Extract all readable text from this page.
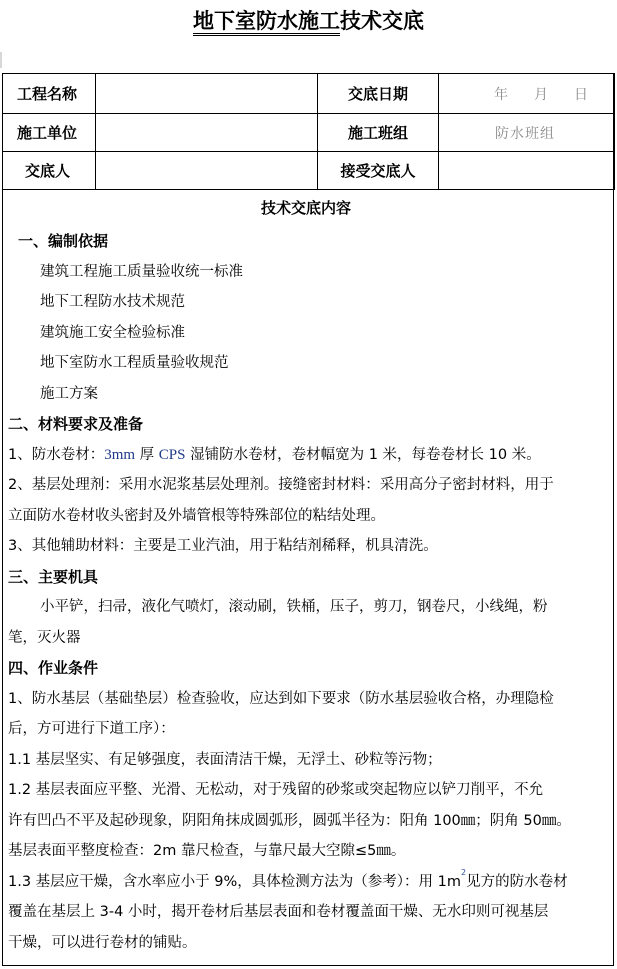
地下室防水施工技术交底
工程名称		交底日期	年 月 日

施工单位		施工班组	防水班组

交底人		接受交底人	
技术交底内容
一、编制依据
建筑工程施工质量验收统一标准
地下工程防水技术规范
建筑施工安全检验标准
地下室防水工程质量验收规范
施工方案
二、材料要求及准备
1、防水卷材：3mm 厚 CPS 湿铺防水卷材，卷材幅宽为 1 米，每卷卷材长 10 米。
2、基层处理剂：采用水泥浆基层处理剂。接缝密封材料：采用高分子密封材料，用于
立面防水卷材收头密封及外墙管根等特殊部位的粘结处理。
3、其他辅助材料：主要是工业汽油，用于粘结剂稀释，机具清洗。
三、主要机具
小平铲，扫帚，液化气喷灯，滚动刷，铁桶，压子，剪刀，钢卷尺，小线绳，粉
笔，灭火器
四、作业条件
1、防水基层（基础垫层）检查验收，应达到如下要求（防水基层验收合格，办理隐检
后，方可进行下道工序）：
1.1 基层坚实、有足够强度，表面清洁干燥，无浮土、砂粒等污物；
1.2 基层表面应平整、光滑、无松动，对于残留的砂浆或突起物应以铲刀削平，不允
许有凹凸不平及起砂现象，阴阳角抹成圆弧形，圆弧半径为：阳角 100㎜；阴角 50㎜。
基层表面平整度检查：2m 靠尺检查，与靠尺最大空隙≤5㎜。
1.3 基层应干燥，含水率应小于 9%，具体检测方法为（参考）：用 $1m^2$见方的防水卷材
覆盖在基层上 3-4 小时，揭开卷材后基层表面和卷材覆盖面干燥、无水印则可视基层
干燥，可以进行卷材的铺贴。
